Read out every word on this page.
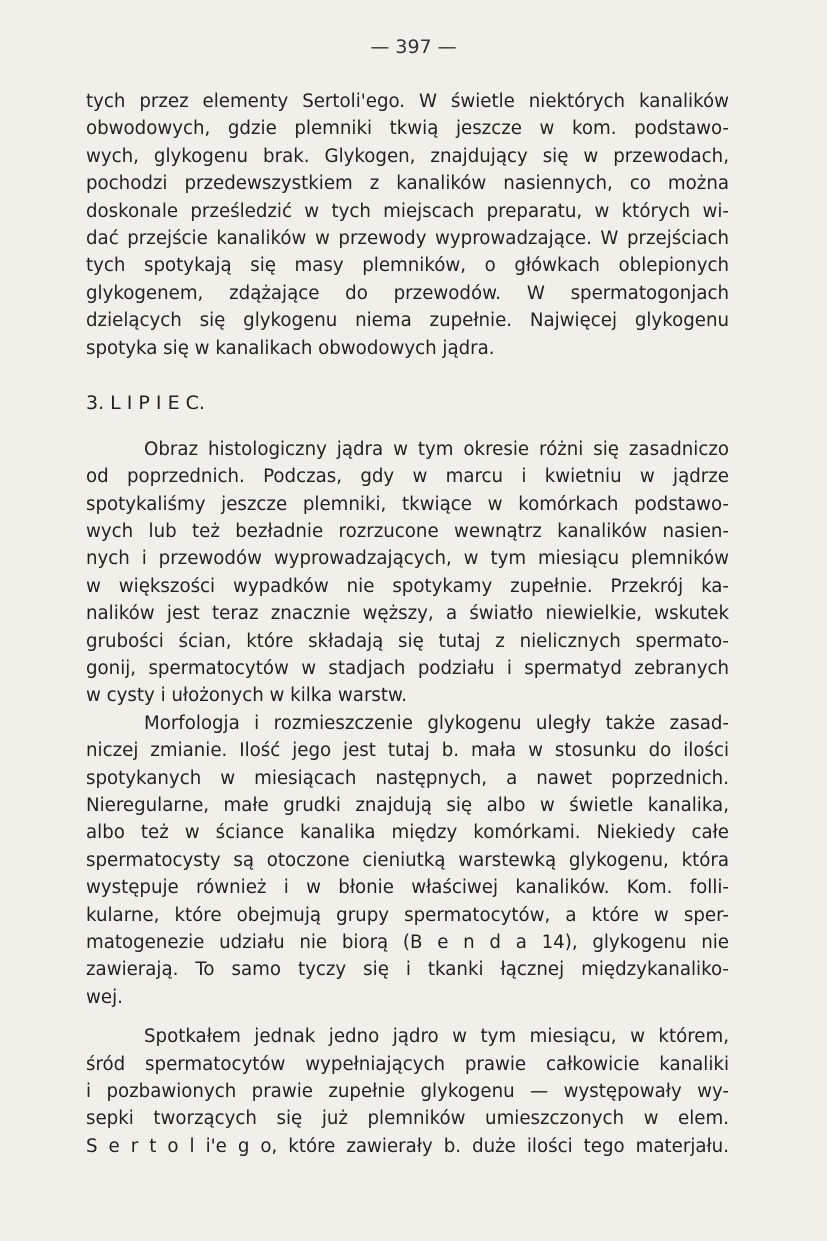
— 397 —
tych przez elementy Sertoli'ego. W świetle niektórych kanalików
obwodowych, gdzie plemniki tkwią jeszcze w kom. podstawo-
wych, glykogenu brak. Glykogen, znajdujący się w przewodach,
pochodzi przedewszystkiem z kanalików nasiennych, co można
doskonale prześledzić w tych miejscach preparatu, w których wi-
dać przejście kanalików w przewody wyprowadzające. W przejściach
tych spotykają się masy plemników, o główkach oblepionych
glykogenem, zdążające do przewodów. W spermatogonjach
dzielących się glykogenu niema zupełnie. Najwięcej glykogenu
spotyka się w kanalikach obwodowych jądra.
3. L I P I E C.
Obraz histologiczny jądra w tym okresie różni się zasadniczo
od poprzednich. Podczas, gdy w marcu i kwietniu w jądrze
spotykaliśmy jeszcze plemniki, tkwiące w komórkach podstawo-
wych lub też bezładnie rozrzucone wewnątrz kanalików nasien-
nych i przewodów wyprowadzających, w tym miesiącu plemników
w większości wypadków nie spotykamy zupełnie. Przekrój ka-
nalików jest teraz znacznie węższy, a światło niewielkie, wskutek
grubości ścian, które składają się tutaj z nielicznych spermato-
gonij, spermatocytów w stadjach podziału i spermatyd zebranych
w cysty i ułożonych w kilka warstw.
Morfologja i rozmieszczenie glykogenu uległy także zasad-
niczej zmianie. Ilość jego jest tutaj b. mała w stosunku do ilości
spotykanych w miesiącach następnych, a nawet poprzednich.
Nieregularne, małe grudki znajdują się albo w świetle kanalika,
albo też w ściance kanalika między komórkami. Niekiedy całe
spermatocysty są otoczone cieniutką warstewką glykogenu, która
występuje również i w błonie właściwej kanalików. Kom. folli-
kularne, które obejmują grupy spermatocytów, a które w sper-
matogenezie udziału nie biorą (B e n d a 14), glykogenu nie
zawierają. To samo tyczy się i tkanki łącznej międzykanaliko-
wej.
Spotkałem jednak jedno jądro w tym miesiącu, w którem,
śród spermatocytów wypełniających prawie całkowicie kanaliki
i pozbawionych prawie zupełnie glykogenu — występowały wy-
sepki tworzących się już plemników umieszczonych w elem.
S e r t o l i'e g o, które zawierały b. duże ilości tego materjału.
